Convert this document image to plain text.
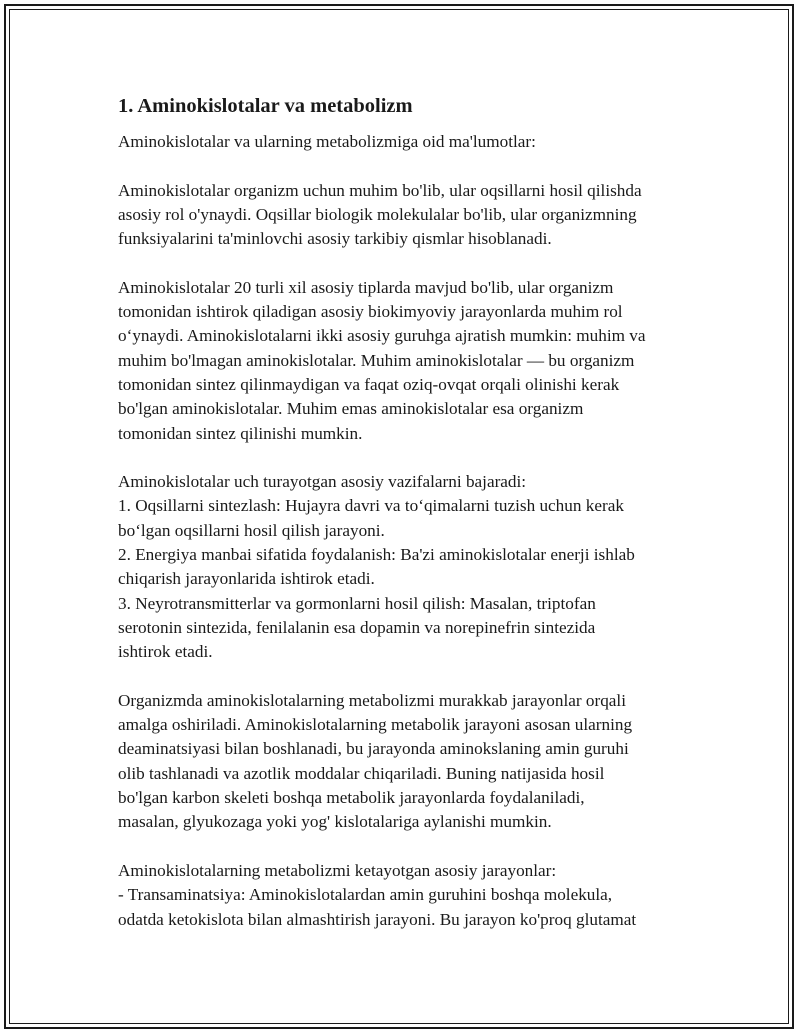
1. Aminokislotalar va metabolizm

Aminokislotalar va ularning metabolizmiga oid ma'lumotlar:

Aminokislotalar organizm uchun muhim bo'lib, ular oqsillarni hosil qilishda
asosiy rol o'ynaydi. Oqsillar biologik molekulalar bo'lib, ular organizmning
funksiyalarini ta'minlovchi asosiy tarkibiy qismlar hisoblanadi.

Aminokislotalar 20 turli xil asosiy tiplarda mavjud bo'lib, ular organizm
tomonidan ishtirok qiladigan asosiy biokimyoviy jarayonlarda muhim rol
o‘ynaydi. Aminokislotalarni ikki asosiy guruhga ajratish mumkin: muhim va
muhim bo'lmagan aminokislotalar. Muhim aminokislotalar — bu organizm
tomonidan sintez qilinmaydigan va faqat oziq-ovqat orqali olinishi kerak
bo'lgan aminokislotalar. Muhim emas aminokislotalar esa organizm
tomonidan sintez qilinishi mumkin.

Aminokislotalar uch turayotgan asosiy vazifalarni bajaradi:
1. Oqsillarni sintezlash: Hujayra davri va to‘qimalarni tuzish uchun kerak
bo‘lgan oqsillarni hosil qilish jarayoni.
2. Energiya manbai sifatida foydalanish: Ba'zi aminokislotalar enerji ishlab
chiqarish jarayonlarida ishtirok etadi.
3. Neyrotransmitterlar va gormonlarni hosil qilish: Masalan, triptofan
serotonin sintezida, fenilalanin esa dopamin va norepinefrin sintezida
ishtirok etadi.

Organizmda aminokislotalarning metabolizmi murakkab jarayonlar orqali
amalga oshiriladi. Aminokislotalarning metabolik jarayoni asosan ularning
deaminatsiyasi bilan boshlanadi, bu jarayonda aminokslaning amin guruhi
olib tashlanadi va azotlik moddalar chiqariladi. Buning natijasida hosil
bo'lgan karbon skeleti boshqa metabolik jarayonlarda foydalaniladi,
masalan, glyukozaga yoki yog' kislotalariga aylanishi mumkin.

Aminokislotalarning metabolizmi ketayotgan asosiy jarayonlar:
- Transaminatsiya: Aminokislotalardan amin guruhini boshqa molekula,
odatda ketokislota bilan almashtirish jarayoni. Bu jarayon ko'proq glutamat
